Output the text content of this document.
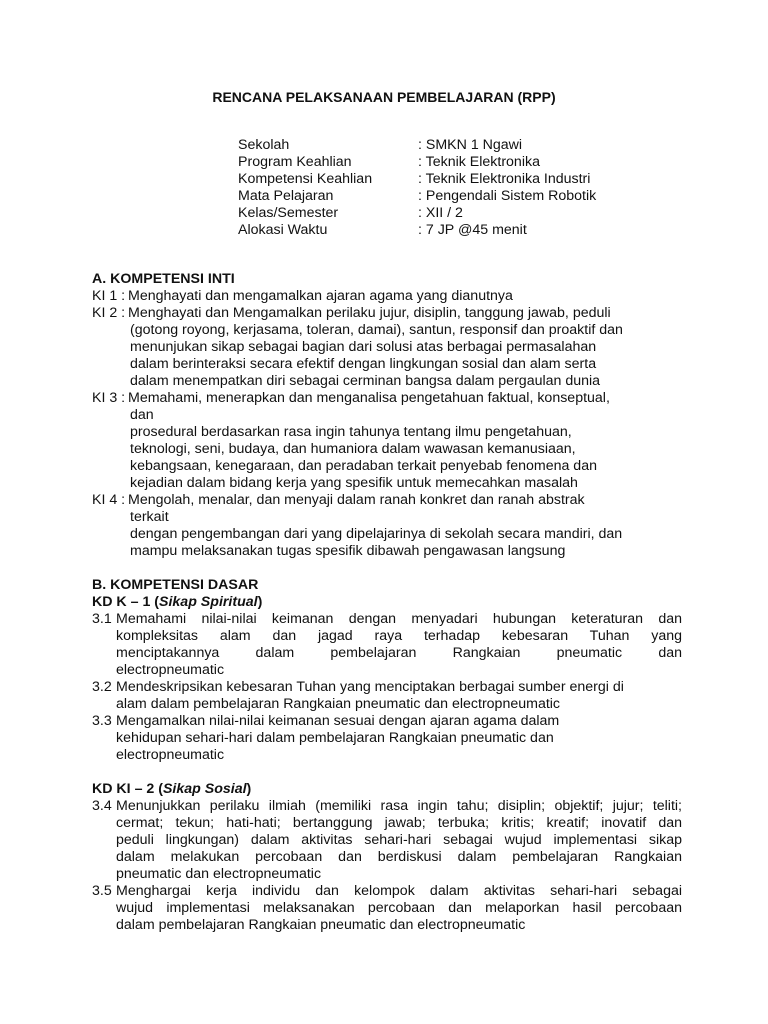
RENCANA PELAKSANAAN PEMBELAJARAN (RPP)
Sekolah	: SMKN 1 Ngawi
Program Keahlian	: Teknik Elektronika
Kompetensi Keahlian	: Teknik Elektronika Industri
Mata Pelajaran	: Pengendali Sistem Robotik
Kelas/Semester	: XII / 2
Alokasi Waktu	: 7 JP @45 menit
A. KOMPETENSI INTI
KI 1 : Menghayati dan mengamalkan ajaran agama yang dianutnya
KI 2 : Menghayati dan Mengamalkan perilaku jujur, disiplin, tanggung jawab, peduli
(gotong royong, kerjasama, toleran, damai), santun, responsif dan proaktif dan
menunjukan sikap sebagai bagian dari solusi atas berbagai permasalahan
dalam berinteraksi secara efektif dengan lingkungan sosial dan alam serta
dalam menempatkan diri sebagai cerminan bangsa dalam pergaulan dunia
KI 3 : Memahami, menerapkan dan menganalisa pengetahuan faktual, konseptual,
dan
prosedural berdasarkan rasa ingin tahunya tentang ilmu pengetahuan,
teknologi, seni, budaya, dan humaniora dalam wawasan kemanusiaan,
kebangsaan, kenegaraan, dan peradaban terkait penyebab fenomena dan
kejadian dalam bidang kerja yang spesifik untuk memecahkan masalah
KI 4 : Mengolah, menalar, dan menyaji dalam ranah konkret dan ranah abstrak
terkait
dengan pengembangan dari yang dipelajarinya di sekolah secara mandiri, dan
mampu melaksanakan tugas spesifik dibawah pengawasan langsung
B. KOMPETENSI DASAR
KD K – 1 (Sikap Spiritual)
3.1 Memahami nilai-nilai keimanan dengan menyadari hubungan keteraturan dan
kompleksitas alam dan jagad raya terhadap kebesaran Tuhan yang
menciptakannya dalam pembelajaran Rangkaian pneumatic dan
electropneumatic
3.2 Mendeskripsikan kebesaran Tuhan yang menciptakan berbagai sumber energi di
alam dalam pembelajaran Rangkaian pneumatic dan electropneumatic
3.3 Mengamalkan nilai-nilai keimanan sesuai dengan ajaran agama dalam
kehidupan sehari-hari dalam pembelajaran Rangkaian pneumatic dan
electropneumatic
KD KI – 2 (Sikap Sosial)
3.4 Menunjukkan perilaku ilmiah (memiliki rasa ingin tahu; disiplin; objektif; jujur; teliti;
cermat; tekun; hati-hati; bertanggung jawab; terbuka; kritis; kreatif; inovatif dan
peduli lingkungan) dalam aktivitas sehari-hari sebagai wujud implementasi sikap
dalam melakukan percobaan dan berdiskusi dalam pembelajaran Rangkaian
pneumatic dan electropneumatic
3.5 Menghargai kerja individu dan kelompok dalam aktivitas sehari-hari sebagai
wujud implementasi melaksanakan percobaan dan melaporkan hasil percobaan
dalam pembelajaran Rangkaian pneumatic dan electropneumatic
